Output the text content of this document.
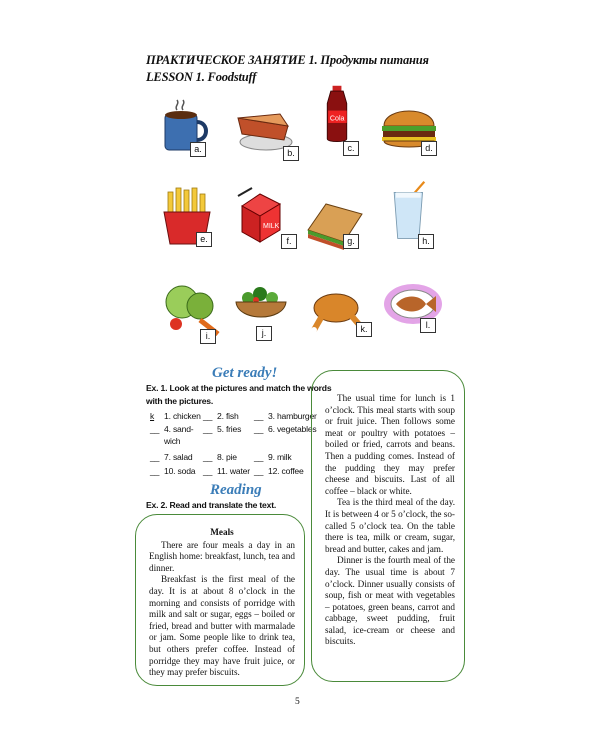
ПРАКТИЧЕСКОЕ ЗАНЯТИЕ 1. Продукты питания
LESSON 1. Foodstuff
a.	b.
Cola
c.	d.
e.
MILK
f.	g.	h.
i.	j.	k.	l.
Get ready!
Ex. 1. Look at the pictures and match the words
with the pictures.
k 1. chicken __ 2. fish __ 3. hamburger
__ 4. sand- __ 5. fries __ 6. vegetables
wich
__ 7. salad __ 8. pie __ 9. milk
__ 10. soda __ 11. water __ 12. coffee
Reading
Ex. 2. Read and translate the text.
Meals

There are four meals a day in an English home: breakfast, lunch, tea and dinner.

Breakfast is the first meal of the day. It is at about 8 o’clock in the morning and consists of porridge with milk and salt or sugar, eggs – boiled or fried, bread and butter with marmalade or jam. Some people like to drink tea, but others prefer coffee. Instead of porridge they may have fruit juice, or they may prefer biscuits.

The usual time for lunch is 1 o’clock. This meal starts with soup or fruit juice. Then follows some meat or poultry with potatoes – boiled or fried, carrots and beans. Then a pudding comes. Instead of the pudding they may prefer cheese and biscuits. Last of all coffee – black or white.

Tea is the third meal of the day. It is between 4 or 5 o’clock, the so-called 5 o’clock tea. On the table there is tea, milk or cream, sugar, bread and butter, cakes and jam.

Dinner is the fourth meal of the day. The usual time is about 7 o’clock. Dinner usually consists of soup, fish or meat with vegetables – potatoes, green beans, carrot and cabbage, sweet pudding, fruit salad, ice-cream or cheese and biscuits.

5
